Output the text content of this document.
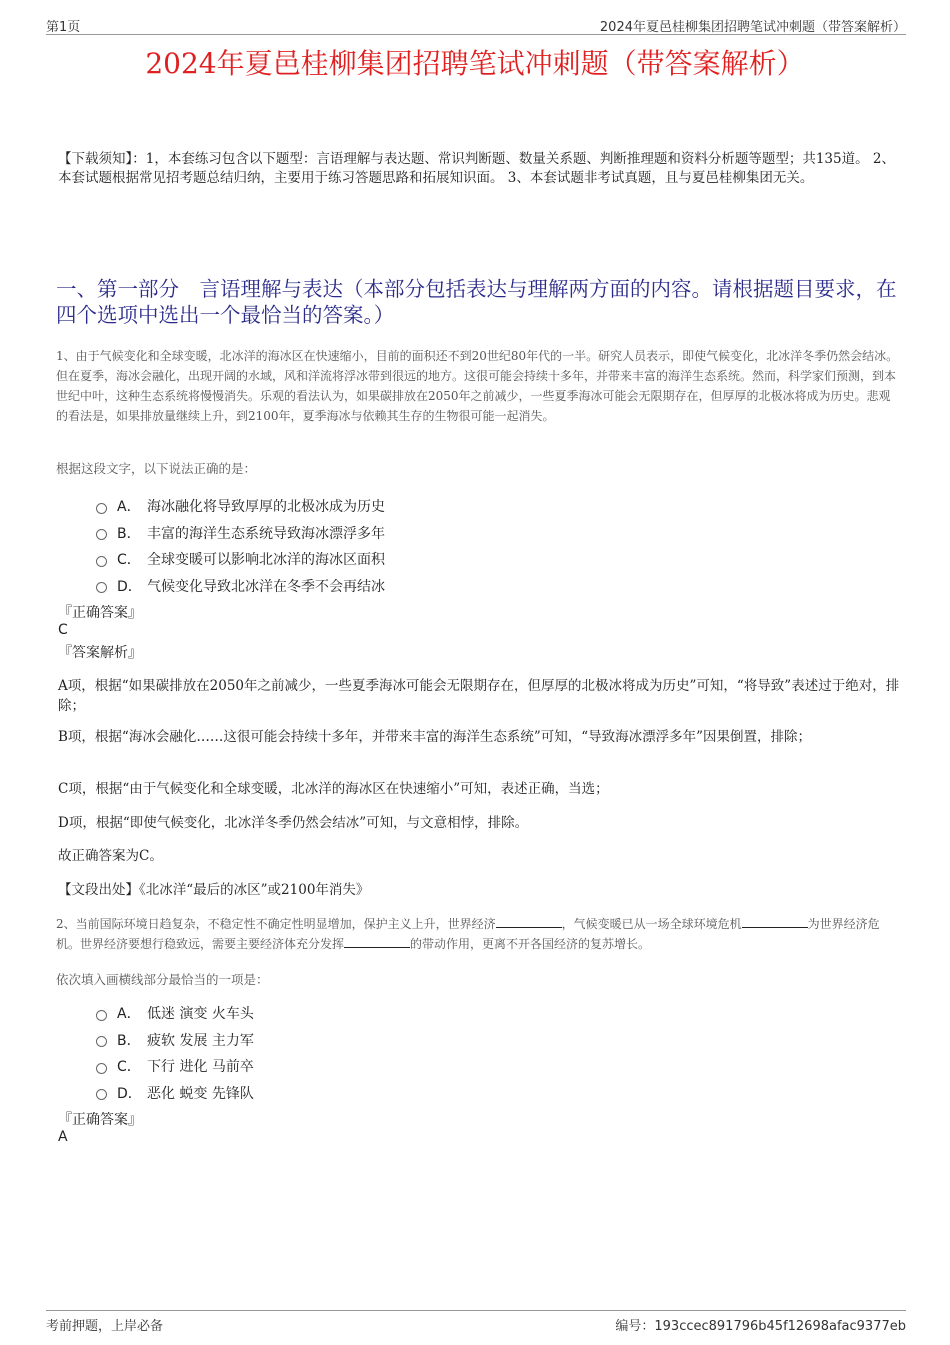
第1页	2024年夏邑桂柳集团招聘笔试冲刺题（带答案解析）
2024年夏邑桂柳集团招聘笔试冲刺题（带答案解析）
【下载须知】：1，本套练习包含以下题型：言语理解与表达题、常识判断题、数量关系题、判断推理题和资料分析题等题型；共135道。 2、本套试题根据常见招考题总结归纳，主要用于练习答题思路和拓展知识面。 3、本套试题非考试真题，且与夏邑桂柳集团无关。
一、第一部分　言语理解与表达（本部分包括表达与理解两方面的内容。请根据题目要求，在四个选项中选出一个最恰当的答案。）
1、由于气候变化和全球变暖，北冰洋的海冰区在快速缩小，目前的面积还不到20世纪80年代的一半。研究人员表示，即使气候变化，北冰洋冬季仍然会结冰。但在夏季，海冰会融化，出现开阔的水域，风和洋流将浮冰带到很远的地方。这很可能会持续十多年，并带来丰富的海洋生态系统。然而，科学家们预测，到本世纪中叶，这种生态系统将慢慢消失。乐观的看法认为，如果碳排放在2050年之前减少，一些夏季海冰可能会无限期存在，但厚厚的北极冰将成为历史。悲观的看法是，如果排放量继续上升，到2100年，夏季海冰与依赖其生存的生物很可能一起消失。
根据这段文字，以下说法正确的是：
A． 海冰融化将导致厚厚的北极冰成为历史
B． 丰富的海洋生态系统导致海冰漂浮多年
C． 全球变暖可以影响北冰洋的海冰区面积
D． 气候变化导致北冰洋在冬季不会再结冰
『正确答案』
C
『答案解析』
A项，根据“如果碳排放在2050年之前减少，一些夏季海冰可能会无限期存在，但厚厚的北极冰将成为历史”可知，“将导致”表述过于绝对，排除；
B项，根据“海冰会融化……这很可能会持续十多年，并带来丰富的海洋生态系统”可知，“导致海冰漂浮多年”因果倒置，排除；
C项，根据“由于气候变化和全球变暖，北冰洋的海冰区在快速缩小”可知，表述正确，当选；
D项，根据“即使气候变化，北冰洋冬季仍然会结冰”可知，与文意相悖，排除。
故正确答案为C。
【文段出处】《北冰洋“最后的冰区”或2100年消失》
2、当前国际环境日趋复杂，不稳定性不确定性明显增加，保护主义上升，世界经济	，气候变暖已从一场全球环境危机	为世界经济危机。世界经济要想行稳致远，需要主要经济体充分发挥	的带动作用，更离不开各国经济的复苏增长。
依次填入画横线部分最恰当的一项是：
A． 低迷 演变 火车头
B． 疲软 发展 主力军
C． 下行 进化 马前卒
D． 恶化 蜕变 先锋队
『正确答案』
A
考前押题，上岸必备	编号：193ccec891796b45f12698afac9377eb
